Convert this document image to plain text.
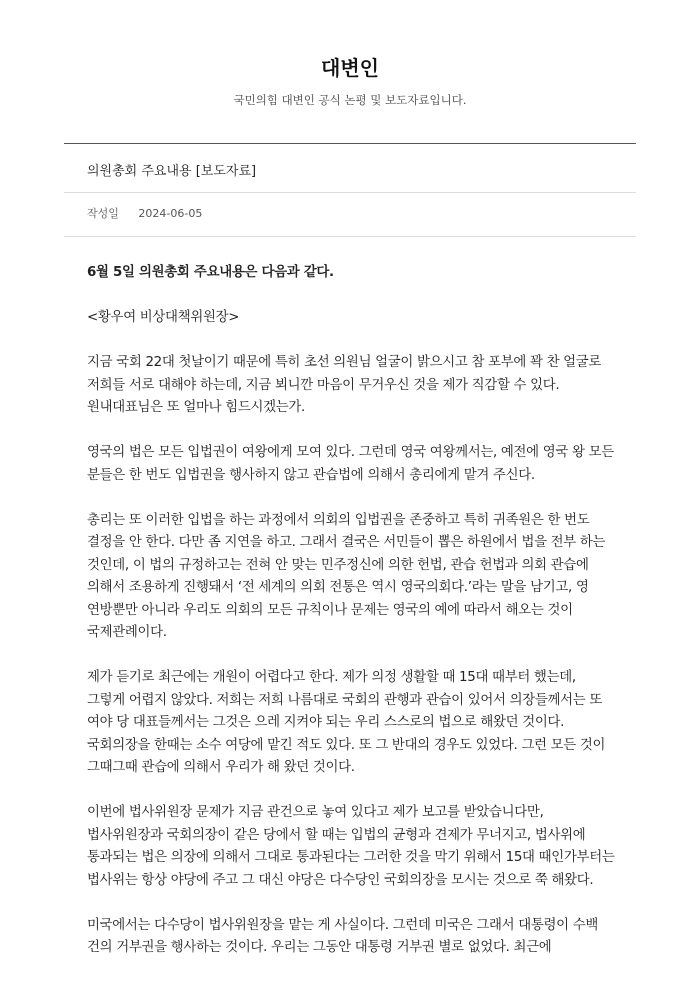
대변인
국민의힘 대변인 공식 논평 및 보도자료입니다.
의원총회 주요내용 [보도자료]
작성일 2024-06-05

6월 5일 의원총회 주요내용은 다음과 같다.

<황우여 비상대책위원장>

지금 국회 22대 첫날이기 때문에 특히 초선 의원님 얼굴이 밝으시고 참 포부에 꽉 찬 얼굴로 저희들 서로 대해야 하는데, 지금 뵈니깐 마음이 무거우신 것을 제가 직감할 수 있다. 원내대표님은 또 얼마나 힘드시겠는가.

영국의 법은 모든 입법권이 여왕에게 모여 있다. 그런데 영국 여왕께서는, 예전에 영국 왕 모든 분들은 한 번도 입법권을 행사하지 않고 관습법에 의해서 총리에게 맡겨 주신다.

총리는 또 이러한 입법을 하는 과정에서 의회의 입법권을 존중하고 특히 귀족원은 한 번도 결정을 안 한다. 다만 좀 지연을 하고. 그래서 결국은 서민들이 뽑은 하원에서 법을 전부 하는 것인데, 이 법의 규정하고는 전혀 안 맞는 민주정신에 의한 헌법, 관습 헌법과 의회 관습에 의해서 조용하게 진행돼서 ‘전 세계의 의회 전통은 역시 영국의회다.’라는 말을 남기고, 영 연방뿐만 아니라 우리도 의회의 모든 규칙이나 문제는 영국의 예에 따라서 해오는 것이 국제관례이다.

제가 듣기로 최근에는 개원이 어렵다고 한다. 제가 의정 생활할 때 15대 때부터 했는데, 그렇게 어렵지 않았다. 저희는 저희 나름대로 국회의 관행과 관습이 있어서 의장들께서는 또 여야 당 대표들께서는 그것은 으레 지켜야 되는 우리 스스로의 법으로 해왔던 것이다. 국회의장을 한때는 소수 여당에 맡긴 적도 있다. 또 그 반대의 경우도 있었다. 그런 모든 것이 그때그때 관습에 의해서 우리가 해 왔던 것이다.

이번에 법사위원장 문제가 지금 관건으로 놓여 있다고 제가 보고를 받았습니다만, 법사위원장과 국회의장이 같은 당에서 할 때는 입법의 균형과 견제가 무너지고, 법사위에 통과되는 법은 의장에 의해서 그대로 통과된다는 그러한 것을 막기 위해서 15대 때인가부터는 법사위는 항상 야당에 주고 그 대신 야당은 다수당인 국회의장을 모시는 것으로 쭉 해왔다.

미국에서는 다수당이 법사위원장을 맡는 게 사실이다. 그런데 미국은 그래서 대통령이 수백 건의 거부권을 행사하는 것이다. 우리는 그동안 대통령 거부권 별로 없었다. 최근에
